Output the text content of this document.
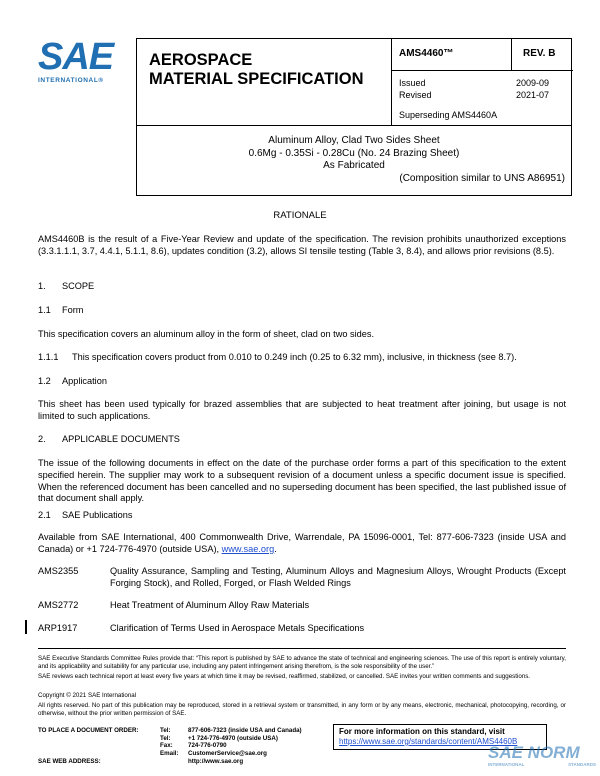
SAE
INTERNATIONAL®
AEROSPACE
MATERIAL SPECIFICATION
AMS4460™	REV. B
Issued	2009-09
Revised	2021-07
Superseding AMS4460A
Aluminum Alloy, Clad Two Sides Sheet
0.6Mg - 0.35Si - 0.28Cu (No. 24 Brazing Sheet)
As Fabricated
(Composition similar to UNS A86951)
RATIONALE
AMS4460B is the result of a Five-Year Review and update of the specification. The revision prohibits unauthorized exceptions (3.3.1.1.1, 3.7, 4.4.1, 5.1.1, 8.6), updates condition (3.2), allows SI tensile testing (Table 3, 8.4), and allows prior revisions (8.5).
1. SCOPE
1.1 Form
This specification covers an aluminum alloy in the form of sheet, clad on two sides.
1.1.1	This specification covers product from 0.010 to 0.249 inch (0.25 to 6.32 mm), inclusive, in thickness (see 8.7).
1.2 Application
This sheet has been used typically for brazed assemblies that are subjected to heat treatment after joining, but usage is not limited to such applications.
2. APPLICABLE DOCUMENTS
The issue of the following documents in effect on the date of the purchase order forms a part of this specification to the extent specified herein. The supplier may work to a subsequent revision of a document unless a specific document issue is specified. When the referenced document has been cancelled and no superseding document has been specified, the last published issue of that document shall apply.
2.1 SAE Publications
Available from SAE International, 400 Commonwealth Drive, Warrendale, PA 15096-0001, Tel: 877-606-7323 (inside USA and Canada) or +1 724-776-4970 (outside USA), www.sae.org.
AMS2355	Quality Assurance, Sampling and Testing, Aluminum Alloys and Magnesium Alloys, Wrought Products (Except Forging Stock), and Rolled, Forged, or Flash Welded Rings
AMS2772	Heat Treatment of Aluminum Alloy Raw Materials
ARP1917	Clarification of Terms Used in Aerospace Metals Specifications
SAE Executive Standards Committee Rules provide that: “This report is published by SAE to advance the state of technical and engineering sciences. The use of this report is entirely voluntary, and its applicability and suitability for any particular use, including any patent infringement arising therefrom, is the sole responsibility of the user.”
SAE reviews each technical report at least every five years at which time it may be revised, reaffirmed, stabilized, or cancelled. SAE invites your written comments and suggestions.
Copyright © 2021 SAE International
All rights reserved. No part of this publication may be reproduced, stored in a retrieval system or transmitted, in any form or by any means, electronic, mechanical, photocopying, recording, or otherwise, without the prior written permission of SAE.
TO PLACE A DOCUMENT ORDER:	Tel:	877-606-7323 (inside USA and Canada)
Tel:	+1 724-776-4970 (outside USA)
Fax: 724-776-0790
Email: CustomerService@sae.org
SAE WEB ADDRESS:	http://www.sae.org
For more information on this standard, visit
https://www.sae.org/standards/content/AMS4460B
SAE NORM
INTERNATIONAL	STANDARDS
